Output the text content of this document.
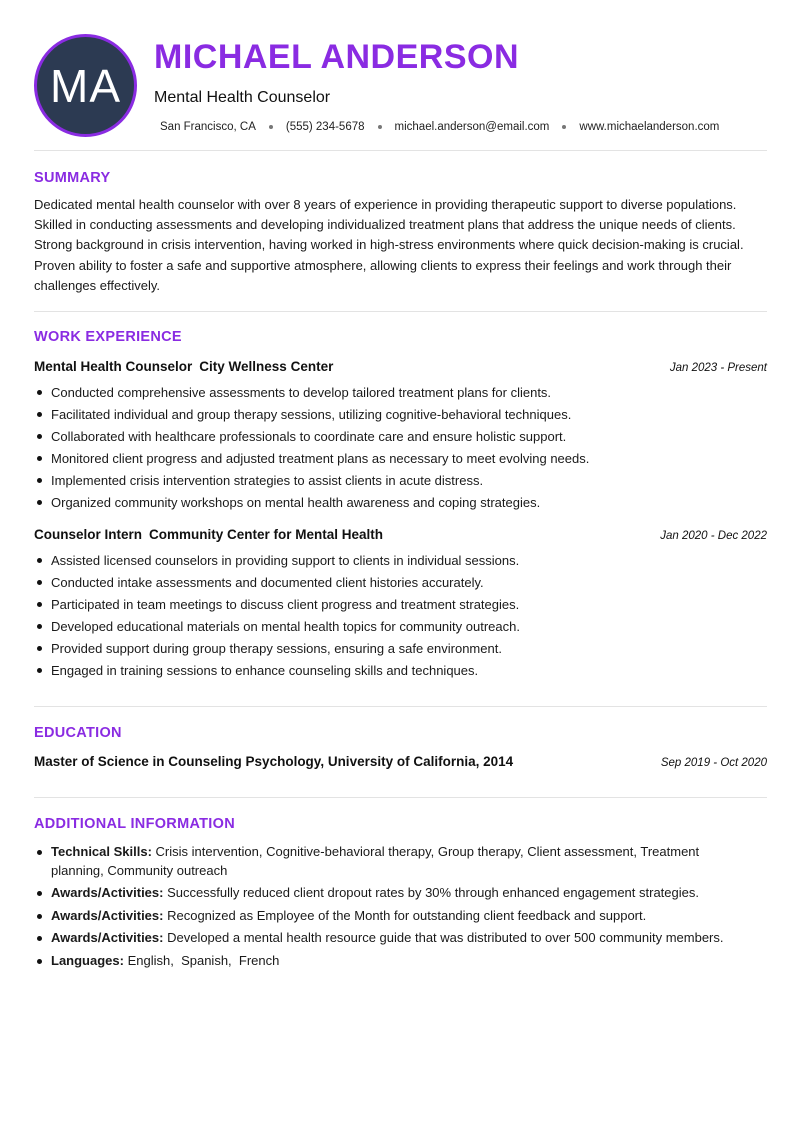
MA
MICHAEL ANDERSON
Mental Health Counselor
San Francisco, CA	(555) 234-5678	michael.anderson@email.com	www.michaelanderson.com
SUMMARY
Dedicated mental health counselor with over 8 years of experience in providing therapeutic support to diverse populations. Skilled in conducting assessments and developing individualized treatment plans that address the unique needs of clients. Strong background in crisis intervention, having worked in high-stress environments where quick decision-making is crucial. Proven ability to foster a safe and supportive atmosphere, allowing clients to express their feelings and work through their challenges effectively.
WORK EXPERIENCE
Mental Health Counselor City Wellness Center	Jan 2023 - Present
Conducted comprehensive assessments to develop tailored treatment plans for clients.
Facilitated individual and group therapy sessions, utilizing cognitive-behavioral techniques.
Collaborated with healthcare professionals to coordinate care and ensure holistic support.
Monitored client progress and adjusted treatment plans as necessary to meet evolving needs.
Implemented crisis intervention strategies to assist clients in acute distress.
Organized community workshops on mental health awareness and coping strategies.
Counselor Intern Community Center for Mental Health	Jan 2020 - Dec 2022
Assisted licensed counselors in providing support to clients in individual sessions.
Conducted intake assessments and documented client histories accurately.
Participated in team meetings to discuss client progress and treatment strategies.
Developed educational materials on mental health topics for community outreach.
Provided support during group therapy sessions, ensuring a safe environment.
Engaged in training sessions to enhance counseling skills and techniques.
EDUCATION
Master of Science in Counseling Psychology, University of California, 2014	Sep 2019 - Oct 2020
ADDITIONAL INFORMATION
Technical Skills: Crisis intervention, Cognitive-behavioral therapy, Group therapy, Client assessment, Treatment planning, Community outreach
Awards/Activities: Successfully reduced client dropout rates by 30% through enhanced engagement strategies.
Awards/Activities: Recognized as Employee of the Month for outstanding client feedback and support.
Awards/Activities: Developed a mental health resource guide that was distributed to over 500 community members.
Languages: English,  Spanish,  French
